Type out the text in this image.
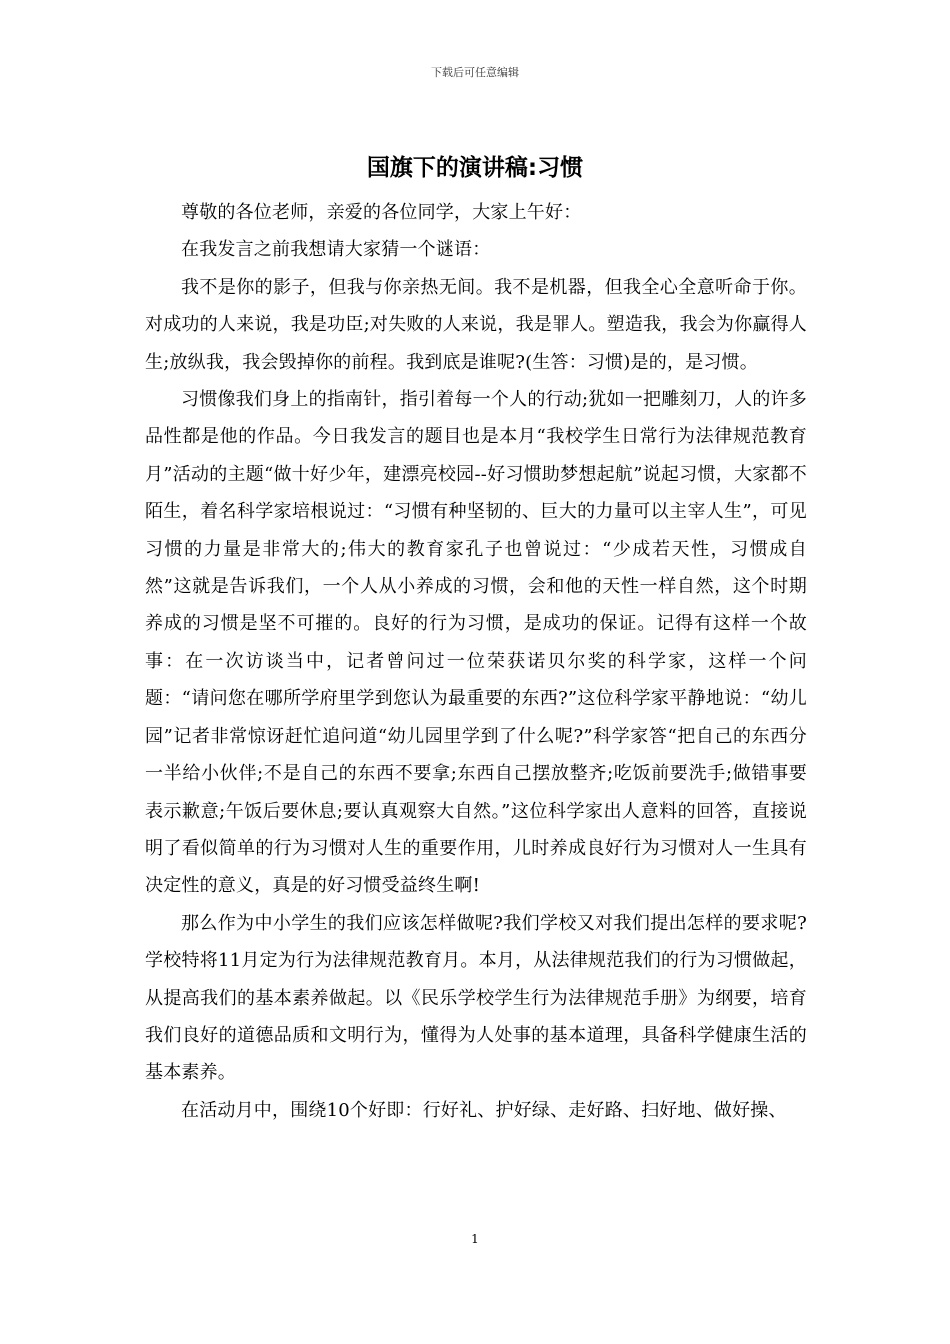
下载后可任意编辑
国旗下的演讲稿:习惯

尊敬的各位老师，亲爱的各位同学，大家上午好：

在我发言之前我想请大家猜一个谜语：

我不是你的影子，但我与你亲热无间。我不是机器，但我全心全意听命于你。对成功的人来说，我是功臣;对失败的人来说，我是罪人。塑造我，我会为你赢得人生;放纵我，我会毁掉你的前程。我到底是谁呢?(生答：习惯)是的，是习惯。

习惯像我们身上的指南针，指引着每一个人的行动;犹如一把雕刻刀，人的许多品性都是他的作品。今日我发言的题目也是本月“我校学生日常行为法律规范教育月”活动的主题“做十好少年，建漂亮校园--好习惯助梦想起航”说起习惯，大家都不陌生，着名科学家培根说过：“习惯有种坚韧的、巨大的力量可以主宰人生”，可见习惯的力量是非常大的;伟大的教育家孔子也曾说过：“少成若天性，习惯成自然”这就是告诉我们，一个人从小养成的习惯，会和他的天性一样自然，这个时期养成的习惯是坚不可摧的。良好的行为习惯，是成功的保证。记得有这样一个故事：在一次访谈当中，记者曾问过一位荣获诺贝尔奖的科学家，这样一个问题：“请问您在哪所学府里学到您认为最重要的东西?”这位科学家平静地说：“幼儿园”记者非常惊讶赶忙追问道“幼儿园里学到了什么呢?”科学家答“把自己的东西分一半给小伙伴;不是自己的东西不要拿;东西自己摆放整齐;吃饭前要洗手;做错事要表示歉意;午饭后要休息;要认真观察大自然。”这位科学家出人意料的回答，直接说明了看似简单的行为习惯对人生的重要作用，儿时养成良好行为习惯对人一生具有决定性的意义，真是的好习惯受益终生啊!

那么作为中小学生的我们应该怎样做呢?我们学校又对我们提出怎样的要求呢?学校特将11月定为行为法律规范教育月。本月，从法律规范我们的行为习惯做起，从提高我们的基本素养做起。以《民乐学校学生行为法律规范手册》为纲要，培育我们良好的道德品质和文明行为，懂得为人处事的基本道理，具备科学健康生活的基本素养。

在活动月中，围绕10个好即：行好礼、护好绿、走好路、扫好地、做好操、

1
